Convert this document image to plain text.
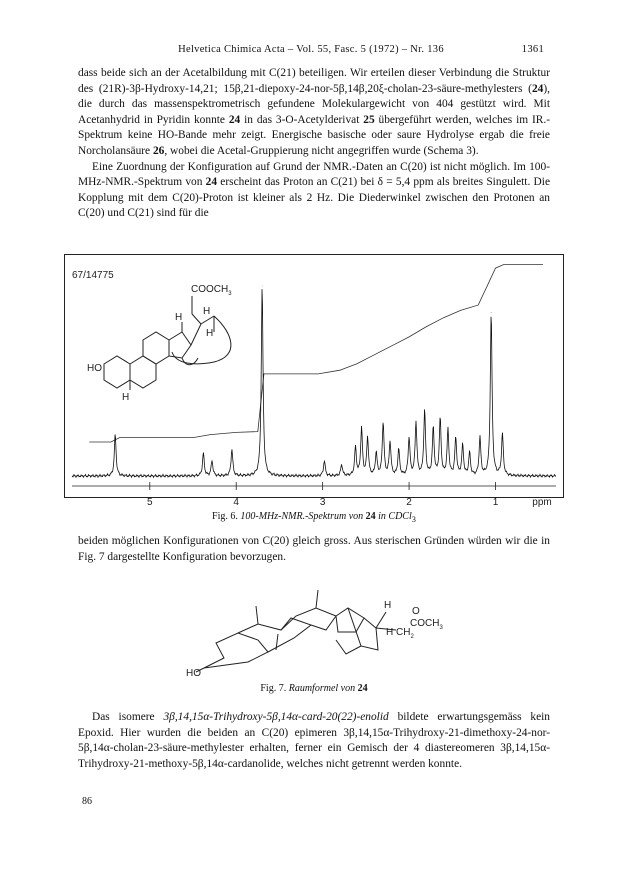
Helvetica Chimica Acta – Vol. 55, Fasc. 5 (1972) – Nr. 136	1361
dass beide sich an der Acetalbildung mit C(21) beteiligen. Wir erteilen dieser Verbindung die Struktur des (21R)-3β-Hydroxy-14,21; 15β,21-diepoxy-24-nor-5β,14β,20ξ-cholan-23-säure-methylesters (24), die durch das massenspektrometrisch gefundene Molekulargewicht von 404 gestützt wird. Mit Acetanhydrid in Pyridin konnte 24 in das 3-O-Acetylderivat 25 übergeführt werden, welches im IR.-Spektrum keine HO-Bande mehr zeigt. Energische basische oder saure Hydrolyse ergab die freie Norcholansäure 26, wobei die Acetal-Gruppierung nicht angegriffen wurde (Schema 3).
Eine Zuordnung der Konfiguration auf Grund der NMR.-Daten an C(20) ist nicht möglich. Im 100-MHz-NMR.-Spektrum von 24 erscheint das Proton an C(21) bei δ = 5,4 ppm als breites Singulett. Die Kopplung mit dem C(20)-Proton ist kleiner als 2 Hz. Die Diederwinkel zwischen den Protonen an C(20) und C(21) sind für die
67/14775
$COOCH_3$
H
H
H
HO
H
5	4	3	2	1	ppm
Fig. 6. 100-MHz-NMR.-Spektrum von 24 in CDCl$_3$
beiden möglichen Konfigurationen von C(20) gleich gross. Aus sterischen Gründen würden wir die in Fig. 7 dargestellte Konfiguration bevorzugen.
H
H $CH_2$
$COCH_3$
O
HO
Fig. 7. Raumformel von 24
Das isomere 3β,14,15α-Trihydroxy-5β,14α-card-20(22)-enolid bildete erwartungsgemäss kein Epoxid. Hier wurden die beiden an C(20) epimeren 3β,14,15α-Trihydroxy-21-dimethoxy-24-nor-5β,14α-cholan-23-säure-methylester erhalten, ferner ein Gemisch der 4 diastereomeren 3β,14,15α-Trihydroxy-21-methoxy-5β,14α-cardanolide, welches nicht getrennt werden konnte.
86
